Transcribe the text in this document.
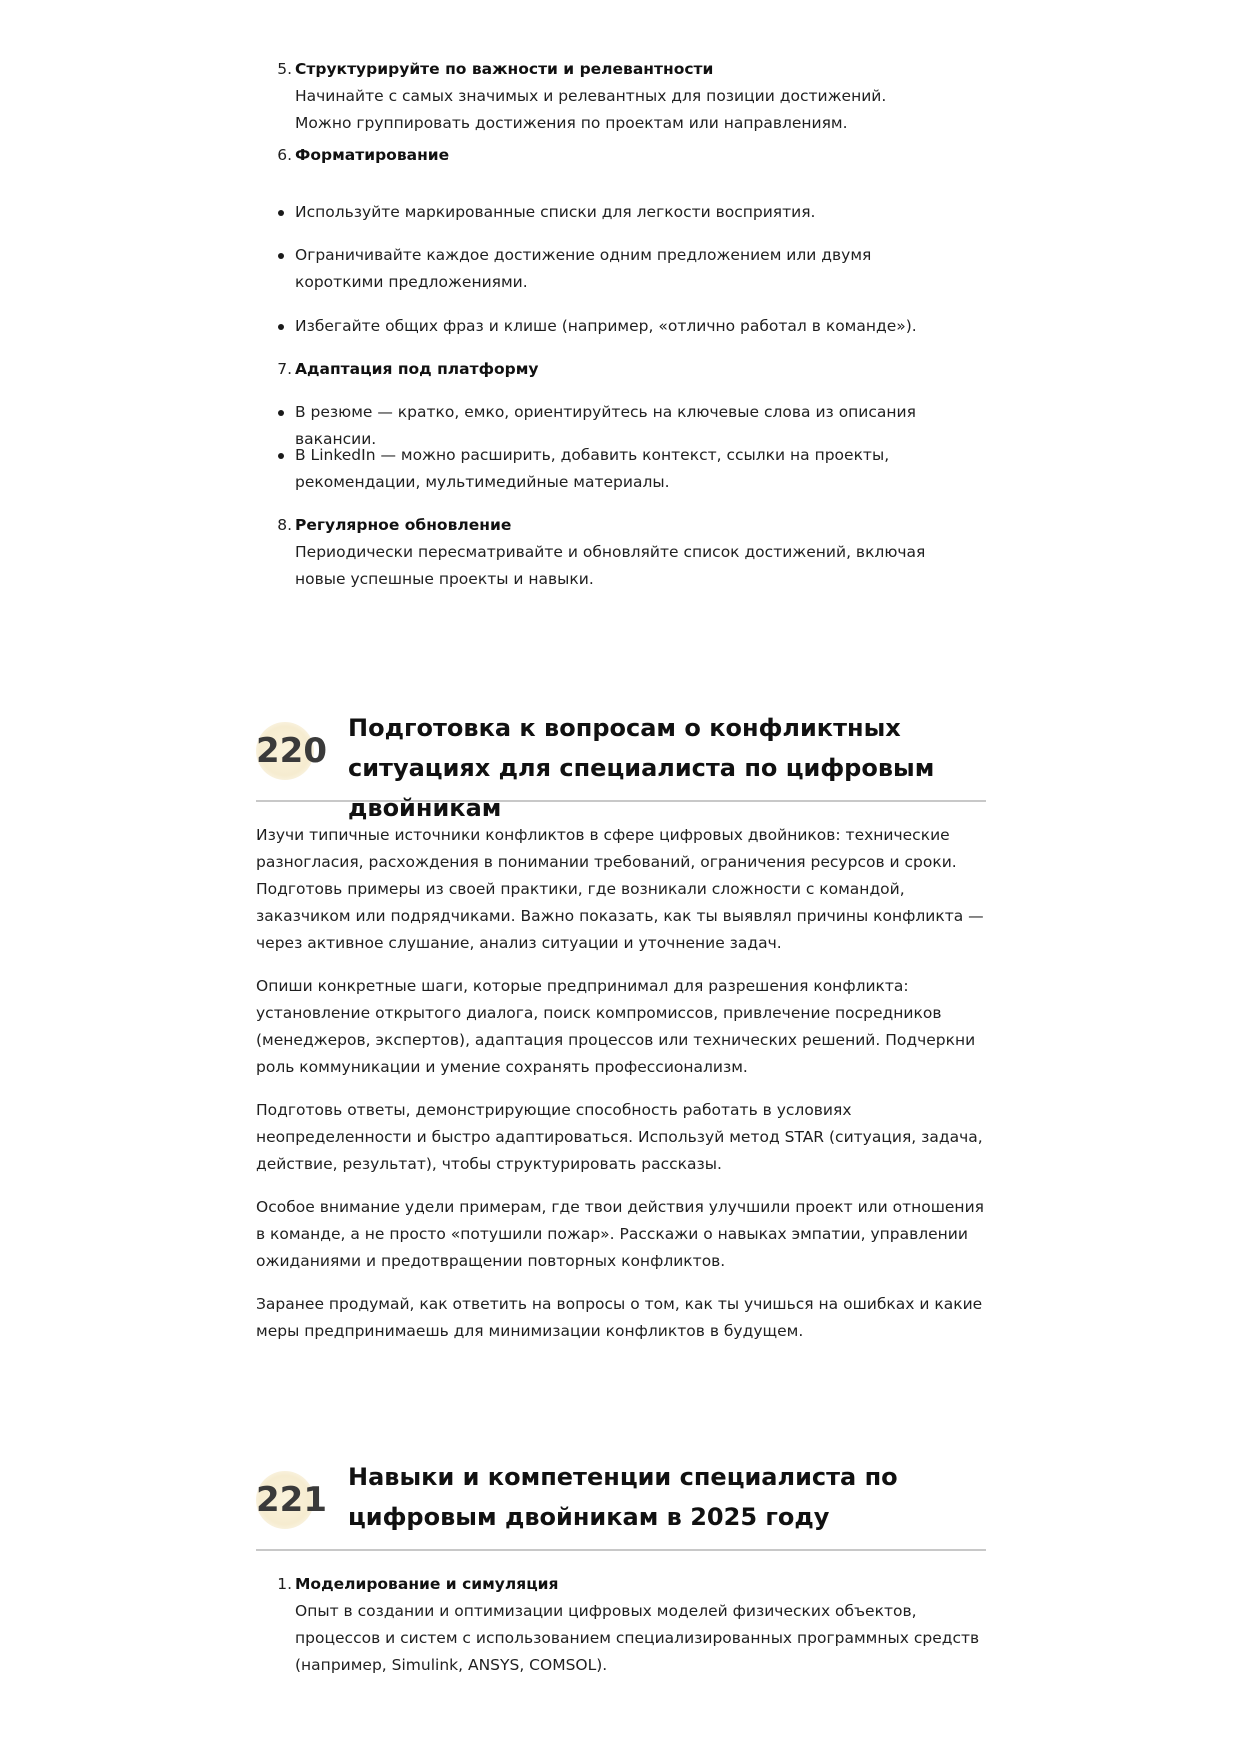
5. Структурируйте по важности и релевантности
Начинайте с самых значимых и релевантных для позиции достижений. Можно группировать достижения по проектам или направлениям.
6. Форматирование
Используйте маркированные списки для легкости восприятия.
Ограничивайте каждое достижение одним предложением или двумя короткими предложениями.
Избегайте общих фраз и клише (например, «отлично работал в команде»).
7. Адаптация под платформу
В резюме — кратко, емко, ориентируйтесь на ключевые слова из описания вакансии.
В LinkedIn — можно расширить, добавить контекст, ссылки на проекты, рекомендации, мультимедийные материалы.
8. Регулярное обновление
Периодически пересматривайте и обновляйте список достижений, включая новые успешные проекты и навыки.
220
Подготовка к вопросам о конфликтных ситуациях для специалиста по цифровым двойникам
Изучи типичные источники конфликтов в сфере цифровых двойников: технические разногласия, расхождения в понимании требований, ограничения ресурсов и сроки. Подготовь примеры из своей практики, где возникали сложности с командой, заказчиком или подрядчиками. Важно показать, как ты выявлял причины конфликта — через активное слушание, анализ ситуации и уточнение задач.
Опиши конкретные шаги, которые предпринимал для разрешения конфликта: установление открытого диалога, поиск компромиссов, привлечение посредников (менеджеров, экспертов), адаптация процессов или технических решений. Подчеркни роль коммуникации и умение сохранять профессионализм.
Подготовь ответы, демонстрирующие способность работать в условиях неопределенности и быстро адаптироваться. Используй метод STAR (ситуация, задача, действие, результат), чтобы структурировать рассказы.
Особое внимание удели примерам, где твои действия улучшили проект или отношения в команде, а не просто «потушили пожар». Расскажи о навыках эмпатии, управлении ожиданиями и предотвращении повторных конфликтов.
Заранее продумай, как ответить на вопросы о том, как ты учишься на ошибках и какие меры предпринимаешь для минимизации конфликтов в будущем.
221
Навыки и компетенции специалиста по цифровым двойникам в 2025 году
1. Моделирование и симуляция
Опыт в создании и оптимизации цифровых моделей физических объектов, процессов и систем с использованием специализированных программных средств (например, Simulink, ANSYS, COMSOL).
